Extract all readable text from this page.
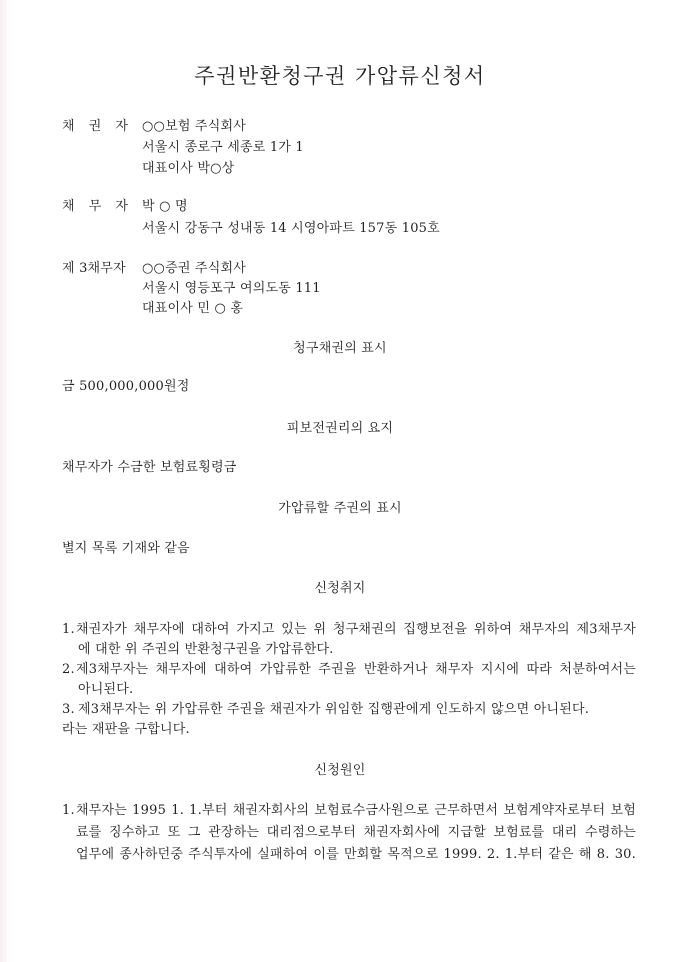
주권반환청구권 가압류신청서
채 권 자 ○○보험 주식회사
서울시 종로구 세종로 1가 1
대표이사 박○상
채 무 자 박 ○ 명
서울시 강동구 성내동 14 시영아파트 157동 105호
제 3채무자 ○○증권 주식회사
서울시 영등포구 여의도동 111
대표이사 민 ○ 홍
청구채권의 표시
금 500,000,000원정
피보전권리의 요지
채무자가 수금한 보험료횡령금
가압류할 주권의 표시
별지 목록 기재와 같음
신청취지
1. 채권자가 채무자에 대하여 가지고 있는 위 청구채권의 집행보전을 위하여 채무자의 제3채무자
에 대한 위 주권의 반환청구권을 가압류한다.
2. 제3채무자는 채무자에 대하여 가압류한 주권을 반환하거나 채무자 지시에 따라 처분하여서는
아니된다.
3. 제3채무자는 위 가압류한 주권을 채권자가 위임한 집행관에게 인도하지 않으면 아니된다.
라는 재판을 구합니다.
신청원인
1. 채무자는 1995 1. 1.부터 채권자회사의 보험료수금사원으로 근무하면서 보험계약자로부터 보험
료를 징수하고 또 그 관장하는 대리점으로부터 채권자회사에 지급할 보험료를 대리 수령하는
업무에 종사하던중 주식투자에 실패하여 이를 만회할 목적으로 1999. 2. 1.부터 같은 해 8. 30.
